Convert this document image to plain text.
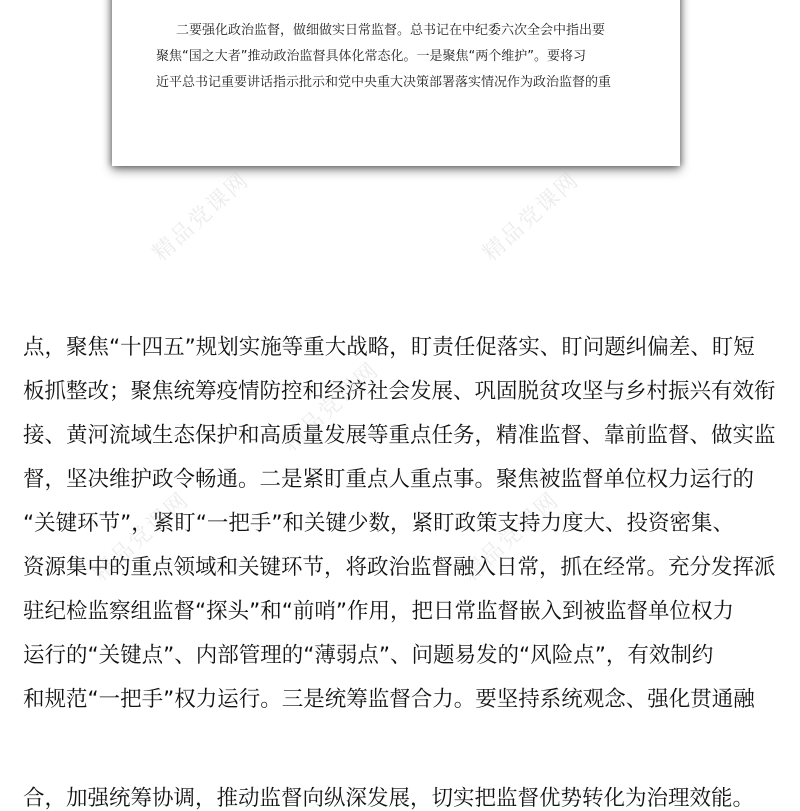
二要强化政治监督，做细做实日常监督。总书记在中纪委六次全会中指出要
聚焦“国之大者”推动政治监督具体化常态化。一是聚焦“两个维护”。要将习
近平总书记重要讲话指示批示和党中央重大决策部署落实情况作为政治监督的重
精品党课网	精品党课网
精品党课网
精品党课网	精品党课网
点，聚焦“十四五”规划实施等重大战略，盯责任促落实、盯问题纠偏差、盯短
板抓整改；聚焦统筹疫情防控和经济社会发展、巩固脱贫攻坚与乡村振兴有效衔
接、黄河流域生态保护和高质量发展等重点任务，精准监督、靠前监督、做实监
督，坚决维护政令畅通。二是紧盯重点人重点事。聚焦被监督单位权力运行的
“关键环节”，紧盯“一把手”和关键少数，紧盯政策支持力度大、投资密集、
资源集中的重点领域和关键环节，将政治监督融入日常，抓在经常。充分发挥派
驻纪检监察组监督“探头”和“前哨”作用，把日常监督嵌入到被监督单位权力
运行的“关键点”、内部管理的“薄弱点”、问题易发的“风险点”，有效制约
和规范“一把手”权力运行。三是统筹监督合力。要坚持系统观念、强化贯通融
合，加强统筹协调，推动监督向纵深发展，切实把监督优势转化为治理效能。
